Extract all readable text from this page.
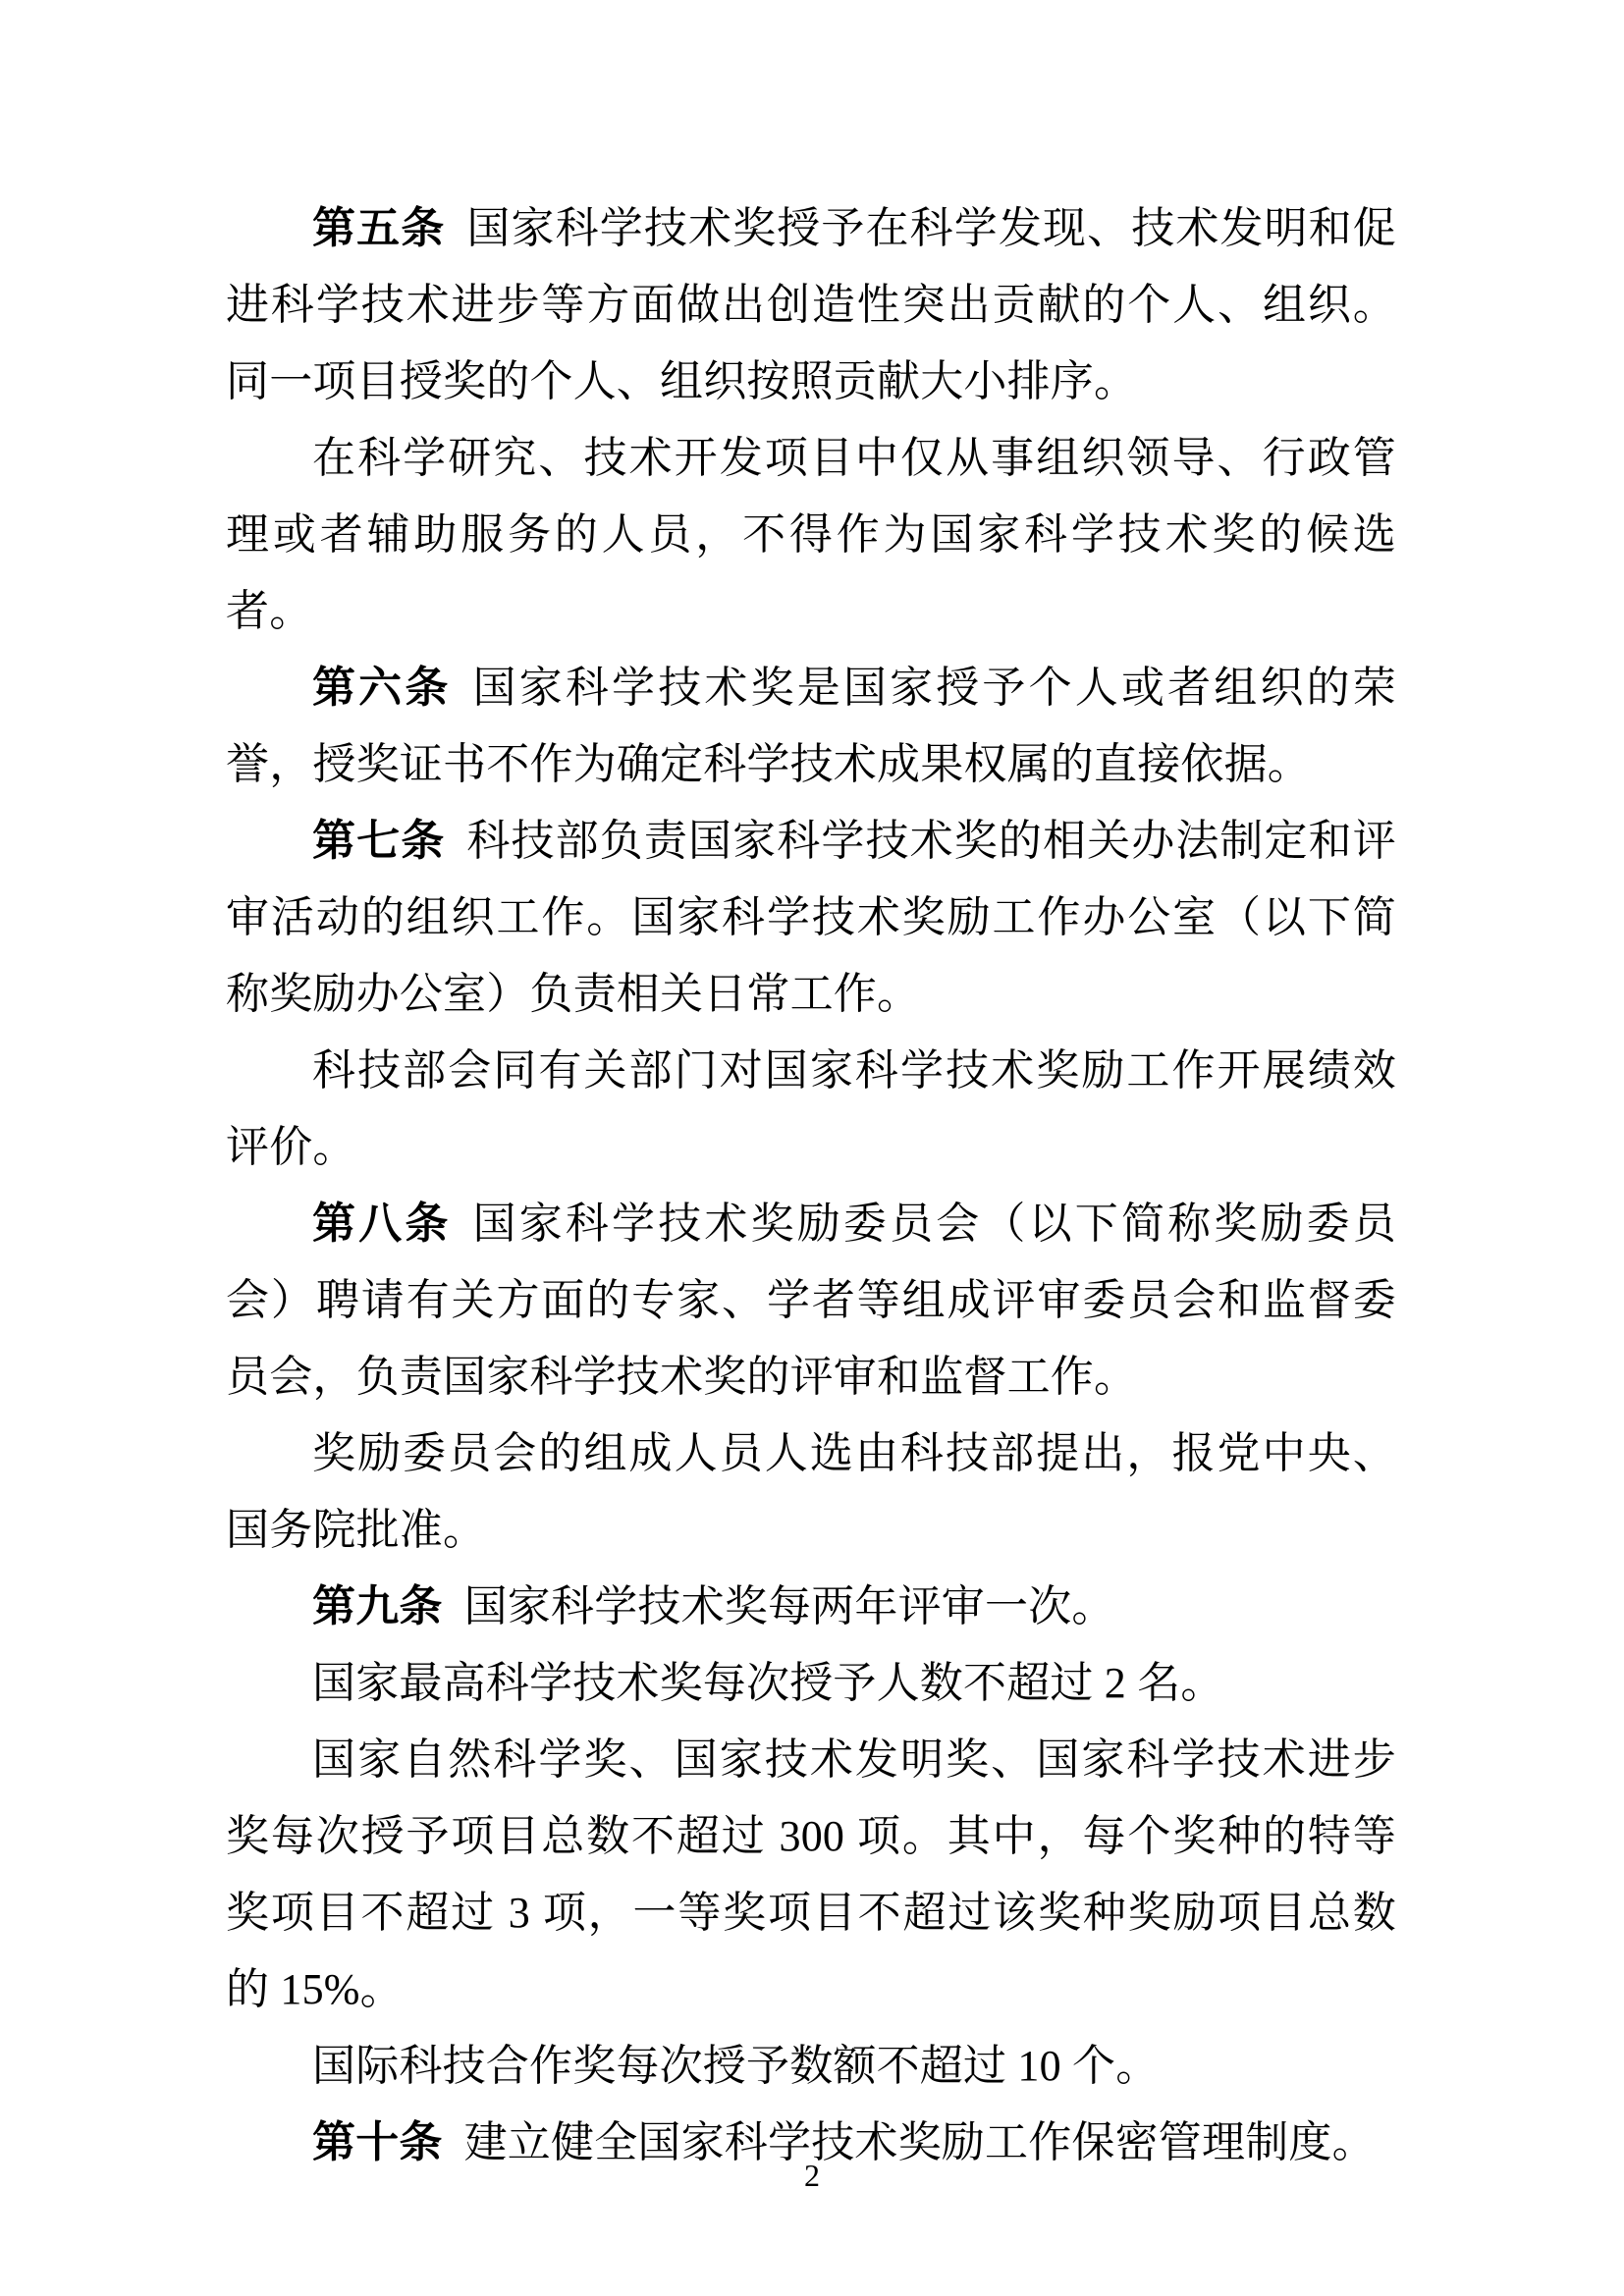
第五条 国家科学技术奖授予在科学发现、技术发明和促进科学技术进步等方面做出创造性突出贡献的个人、组织。同一项目授奖的个人、组织按照贡献大小排序。

在科学研究、技术开发项目中仅从事组织领导、行政管理或者辅助服务的人员，不得作为国家科学技术奖的候选者。

第六条 国家科学技术奖是国家授予个人或者组织的荣誉，授奖证书不作为确定科学技术成果权属的直接依据。

第七条 科技部负责国家科学技术奖的相关办法制定和评审活动的组织工作。国家科学技术奖励工作办公室（以下简称奖励办公室）负责相关日常工作。

科技部会同有关部门对国家科学技术奖励工作开展绩效评价。

第八条 国家科学技术奖励委员会（以下简称奖励委员会）聘请有关方面的专家、学者等组成评审委员会和监督委员会，负责国家科学技术奖的评审和监督工作。

奖励委员会的组成人员人选由科技部提出，报党中央、国务院批准。

第九条 国家科学技术奖每两年评审一次。

国家最高科学技术奖每次授予人数不超过 2 名。

国家自然科学奖、国家技术发明奖、国家科学技术进步奖每次授予项目总数不超过 300 项。其中，每个奖种的特等奖项目不超过 3 项，一等奖项目不超过该奖种奖励项目总数的 15%。

国际科技合作奖每次授予数额不超过 10 个。

第十条 建立健全国家科学技术奖励工作保密管理制度。

2
